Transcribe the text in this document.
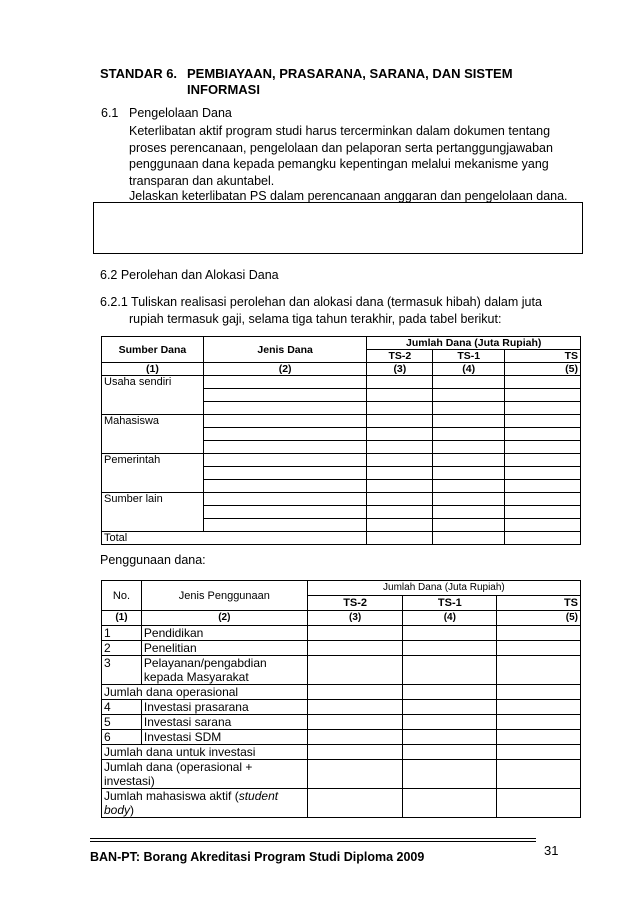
STANDAR 6. PEMBIAYAAN, PRASARANA, SARANA, DAN SISTEM
INFORMASI
6.1 Pengelolaan Dana
Keterlibatan aktif program studi harus tercerminkan dalam dokumen tentang
proses perencanaan, pengelolaan dan pelaporan serta pertanggungjawaban
penggunaan dana kepada pemangku kepentingan melalui mekanisme yang
transparan dan akuntabel.
Jelaskan keterlibatan PS dalam perencanaan anggaran dan pengelolaan dana.
6.2 Perolehan dan Alokasi Dana
6.2.1 Tuliskan realisasi perolehan dan alokasi dana (termasuk hibah) dalam juta
rupiah termasuk gaji, selama tiga tahun terakhir, pada tabel berikut:
Sumber Dana	Jenis Dana	Jumlah Dana (Juta Rupiah)		
		TS-2	TS-1	TS
(1)	(2)	(3)	(4)	(5)
Usaha sendiri				

Mahasiswa				

Pemerintah				

Sumber lain				

Total				
Penggunaan dana:
No.	Jenis Penggunaan	Jumlah Dana (Juta Rupiah)		
		TS-2	TS-1	TS
(1)	(2)	(3)	(4)	(5)
1	Pendidikan			
2	Penelitian			
3	Pelayanan/pengabdian
kepada Masyarakat			

Jumlah dana operasional				
4	Investasi prasarana			
5	Investasi sarana			
6	Investasi SDM			
Jumlah dana untuk investasi				

Jumlah dana (operasional +
investasi)				

Jumlah mahasiswa aktif (student
body)				

BAN-PT: Borang Akreditasi Program Studi Diploma 2009	31
